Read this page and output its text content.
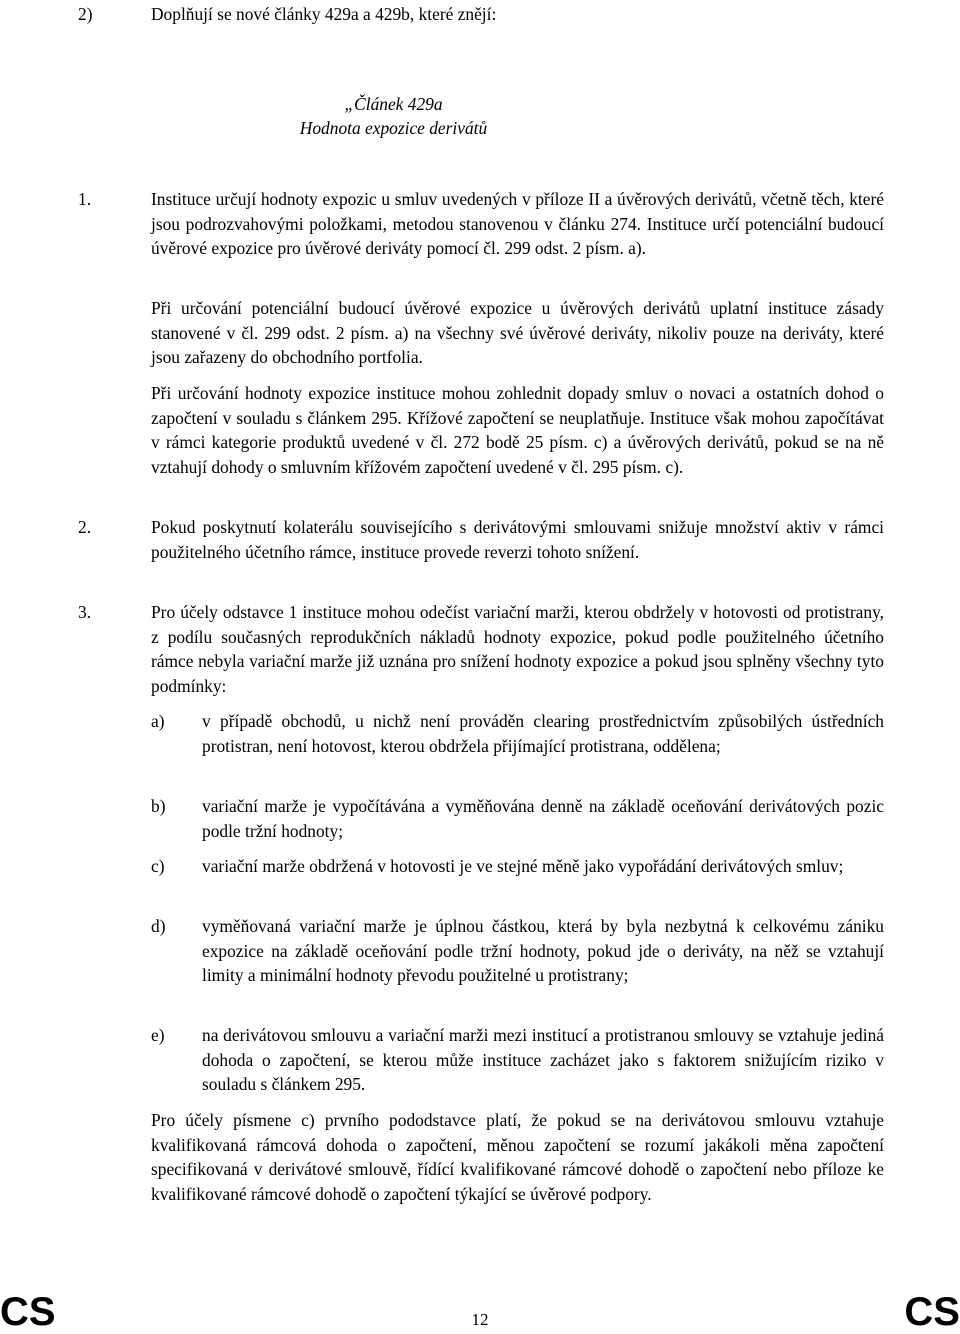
2)	Doplňují se nové články 429a a 429b, které znějí:
„Článek 429a
Hodnota expozice derivátů
1.	Instituce určují hodnoty expozic u smluv uvedených v příloze II a úvěrových derivátů, včetně těch, které jsou podrozvahovými položkami, metodou stanovenou v článku 274. Instituce určí potenciální budoucí úvěrové expozice pro úvěrové deriváty pomocí čl. 299 odst. 2 písm. a).

Při určování potenciální budoucí úvěrové expozice u úvěrových derivátů uplatní instituce zásady stanovené v čl. 299 odst. 2 písm. a) na všechny své úvěrové deriváty, nikoliv pouze na deriváty, které jsou zařazeny do obchodního portfolia.

Při určování hodnoty expozice instituce mohou zohlednit dopady smluv o novaci a ostatních dohod o započtení v souladu s článkem 295. Křížové započtení se neuplatňuje. Instituce však mohou započítávat v rámci kategorie produktů uvedené v čl. 272 bodě 25 písm. c) a úvěrových derivátů, pokud se na ně vztahují dohody o smluvním křížovém započtení uvedené v čl. 295 písm. c).

2.	Pokud poskytnutí kolaterálu souvisejícího s derivátovými smlouvami snižuje množství aktiv v rámci použitelného účetního rámce, instituce provede reverzi tohoto snížení.

3.	Pro účely odstavce 1 instituce mohou odečíst variační marži, kterou obdržely v hotovosti od protistrany, z podílu současných reprodukčních nákladů hodnoty expozice, pokud podle použitelného účetního rámce nebyla variační marže již uznána pro snížení hodnoty expozice a pokud jsou splněny všechny tyto podmínky:

a) v případě obchodů, u nichž není prováděn clearing prostřednictvím způsobilých ústředních protistran, není hotovost, kterou obdržela přijímající protistrana, oddělena;

b) variační marže je vypočítávána a vyměňována denně na základě oceňování derivátových pozic podle tržní hodnoty;

c) variační marže obdržená v hotovosti je ve stejné měně jako vypořádání derivátových smluv;

d) vyměňovaná variační marže je úplnou částkou, která by byla nezbytná k celkovému zániku expozice na základě oceňování podle tržní hodnoty, pokud jde o deriváty, na něž se vztahují limity a minimální hodnoty převodu použitelné u protistrany;

e) na derivátovou smlouvu a variační marži mezi institucí a protistranou smlouvy se vztahuje jediná dohoda o započtení, se kterou může instituce zacházet jako s faktorem snižujícím riziko v souladu s článkem 295.

Pro účely písmene c) prvního pododstavce platí, že pokud se na derivátovou smlouvu vztahuje kvalifikovaná rámcová dohoda o započtení, měnou započtení se rozumí jakákoli měna započtení specifikovaná v derivátové smlouvě, řídící kvalifikované rámcové dohodě o započtení nebo příloze ke kvalifikované rámcové dohodě o započtení týkající se úvěrové podpory.

CS	12	CS
